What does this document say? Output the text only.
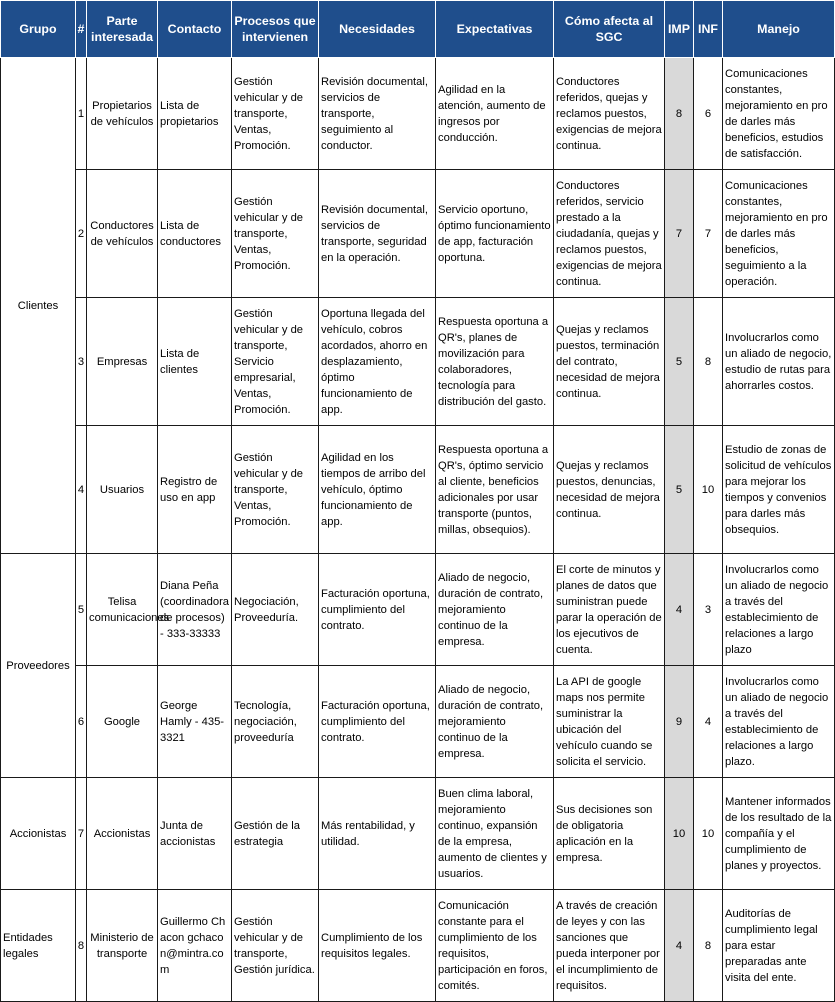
Grupo	#	Parte interesada	Contacto	Procesos que intervienen	Necesidades	Expectativas	Cómo afecta al SGC	IMP	INF	Manejo
Clientes	1	Propietarios de vehículos	Lista de propietarios	Gestión vehicular y de transporte, Ventas, Promoción.	Revisión documental, servicios de transporte, seguimiento al conductor.	Agilidad en la atención, aumento de ingresos por conducción.	Conductores referidos, quejas y reclamos puestos, exigencias de mejora continua.	8	6	Comunicaciones constantes, mejoramiento en pro de darles más beneficios, estudios de satisfacción.
	2	Conductores de vehículos	Lista de conductores	Gestión vehicular y de transporte, Ventas, Promoción.	Revisión documental, servicios de transporte, seguridad en la operación.	Servicio oportuno, óptimo funcionamiento de app, facturación oportuna.	Conductores referidos, servicio prestado a la ciudadanía, quejas y reclamos puestos, exigencias de mejora continua.	7	7	Comunicaciones constantes, mejoramiento en pro de darles más beneficios, seguimiento a la operación.
	3	Empresas	Lista de clientes	Gestión vehicular y de transporte, Servicio empresarial, Ventas, Promoción.	Oportuna llegada del vehículo, cobros acordados, ahorro en desplazamiento, óptimo funcionamiento de app.	Respuesta oportuna a QR's, planes de movilización para colaboradores, tecnología para distribución del gasto.	Quejas y reclamos puestos, terminación del contrato, necesidad de mejora continua.	5	8	Involucrarlos como un aliado de negocio, estudio de rutas para ahorrarles costos.
	4	Usuarios	Registro de uso en app	Gestión vehicular y de transporte, Ventas, Promoción.	Agilidad en los tiempos de arribo del vehículo, óptimo funcionamiento de app.	Respuesta oportuna a QR's, óptimo servicio al cliente, beneficios adicionales por usar transporte (puntos, millas, obsequios).	Quejas y reclamos puestos, denuncias, necesidad de mejora continua.	5	10	Estudio de zonas de solicitud de vehículos para mejorar los tiempos y convenios para darles más obsequios.
Proveedores	5	Telisa comunicaciones	Diana Peña (coordinadora de procesos) - 333-33333	Negociación, Proveeduría.	Facturación oportuna, cumplimiento del contrato.	Aliado de negocio, duración de contrato, mejoramiento continuo de la empresa.	El corte de minutos y planes de datos que suministran puede parar la operación de los ejecutivos de cuenta.	4	3	Involucrarlos como un aliado de negocio a través del establecimiento de relaciones a largo plazo
	6	Google	George Hamly - 435-3321	Tecnología, negociación, proveeduría	Facturación oportuna, cumplimiento del contrato.	Aliado de negocio, duración de contrato, mejoramiento continuo de la empresa.	La API de google maps nos permite suministrar la ubicación del vehículo cuando se solicita el servicio.	9	4	Involucrarlos como un aliado de negocio a través del establecimiento de relaciones a largo plazo.
Accionistas	7	Accionistas	Junta de accionistas	Gestión de la estrategia	Más rentabilidad, y utilidad.	Buen clima laboral, mejoramiento continuo, expansión de la empresa, aumento de clientes y usuarios.	Sus decisiones son de obligatoria aplicación en la empresa.	10	10	Mantener informados de los resultado de la compañía y el cumplimiento de planes y proyectos.
Entidades legales	8	Ministerio de transporte	Guillermo Chacon gchacon@mintra.com	Gestión vehicular y de transporte, Gestión jurídica.	Cumplimiento de los requisitos legales.	Comunicación constante para el cumplimiento de los requisitos, participación en foros, comités.	A través de creación de leyes y con las sanciones que pueda interponer por el incumplimiento de requisitos.	4	8	Auditorías de cumplimiento legal para estar preparadas ante visita del ente.
